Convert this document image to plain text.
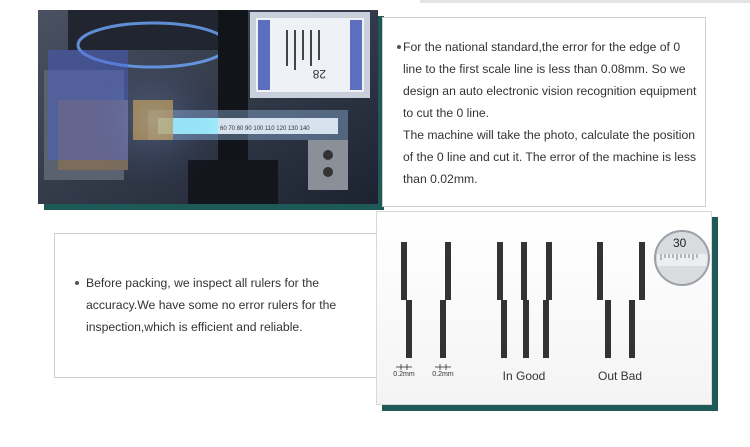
60 70 80 90 100 110 120 130 140
28
For the national standard,the error for the edge of 0 line to the first scale line is less than 0.08mm. So we design an auto electronic vision recognition equipment to cut the 0 line.
The machine will take the photo, calculate the position of the 0 line and cut it. The error of the machine is less than 0.02mm.
Before packing, we inspect all rulers for the accuracy.We have some no error rulers for the inspection,which is efficient and reliable.
30
0.2mm	0.2mm	In Good	Out Bad
